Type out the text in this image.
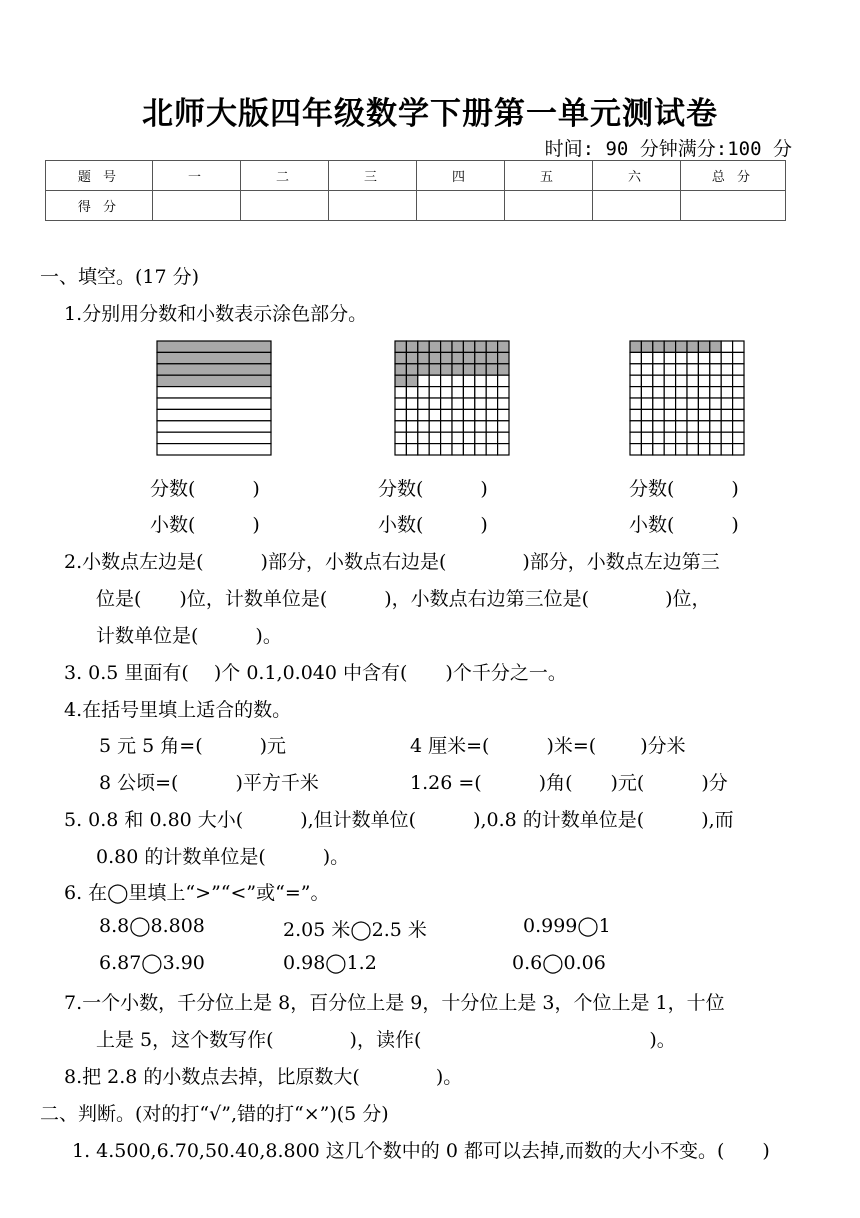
北师大版四年级数学下册第一单元测试卷
时间: 90 分钟满分:100 分
题 号	一	二	三	四	五	六	总 分
得 分							
一、填空。(17 分)
1.分别用分数和小数表示涂色部分。
分数(　　　)	分数(　　　)	分数(　　　)
小数(　　　)	小数(　　　)	小数(　　　)
2.小数点左边是(　　　)部分，小数点右边是(　　　　)部分，小数点左边第三
位是(　　)位，计数单位是(　　　)，小数点右边第三位是(　　　　)位，
计数单位是(　　　)。
3. 0.5 里面有(　 )个 0.1,0.040 中含有(　　)个千分之一。
4.在括号里填上适合的数。
5 元 5 角=(　　　)元	4 厘米=(　　　)米=(　　 )分米
8 公顷=(　　　)平方千米	1.26 =(　　　)角(　　)元(　　　)分
5. 0.8 和 0.80 大小(　　　),但计数单位(　　　),0.8 的计数单位是(　　　),而
0.80 的计数单位是(　　　)。
6. 在◯里填上“>”“<”或“=”。
8.8◯8.808	2.05 米◯2.5 米	0.999◯1
6.87◯3.90	0.98◯1.2	0.6◯0.06
7.一个小数，千分位上是 8，百分位上是 9，十分位上是 3，个位上是 1，十位
上是 5，这个数写作(　　　　)，读作(　　　　　　　　　　　　)。
8.把 2.8 的小数点去掉，比原数大(　　　　)。
二、判断。(对的打“√”,错的打“×”)(5 分)
1. 4.500,6.70,50.40,8.800 这几个数中的 0 都可以去掉,而数的大小不变。(　　)
